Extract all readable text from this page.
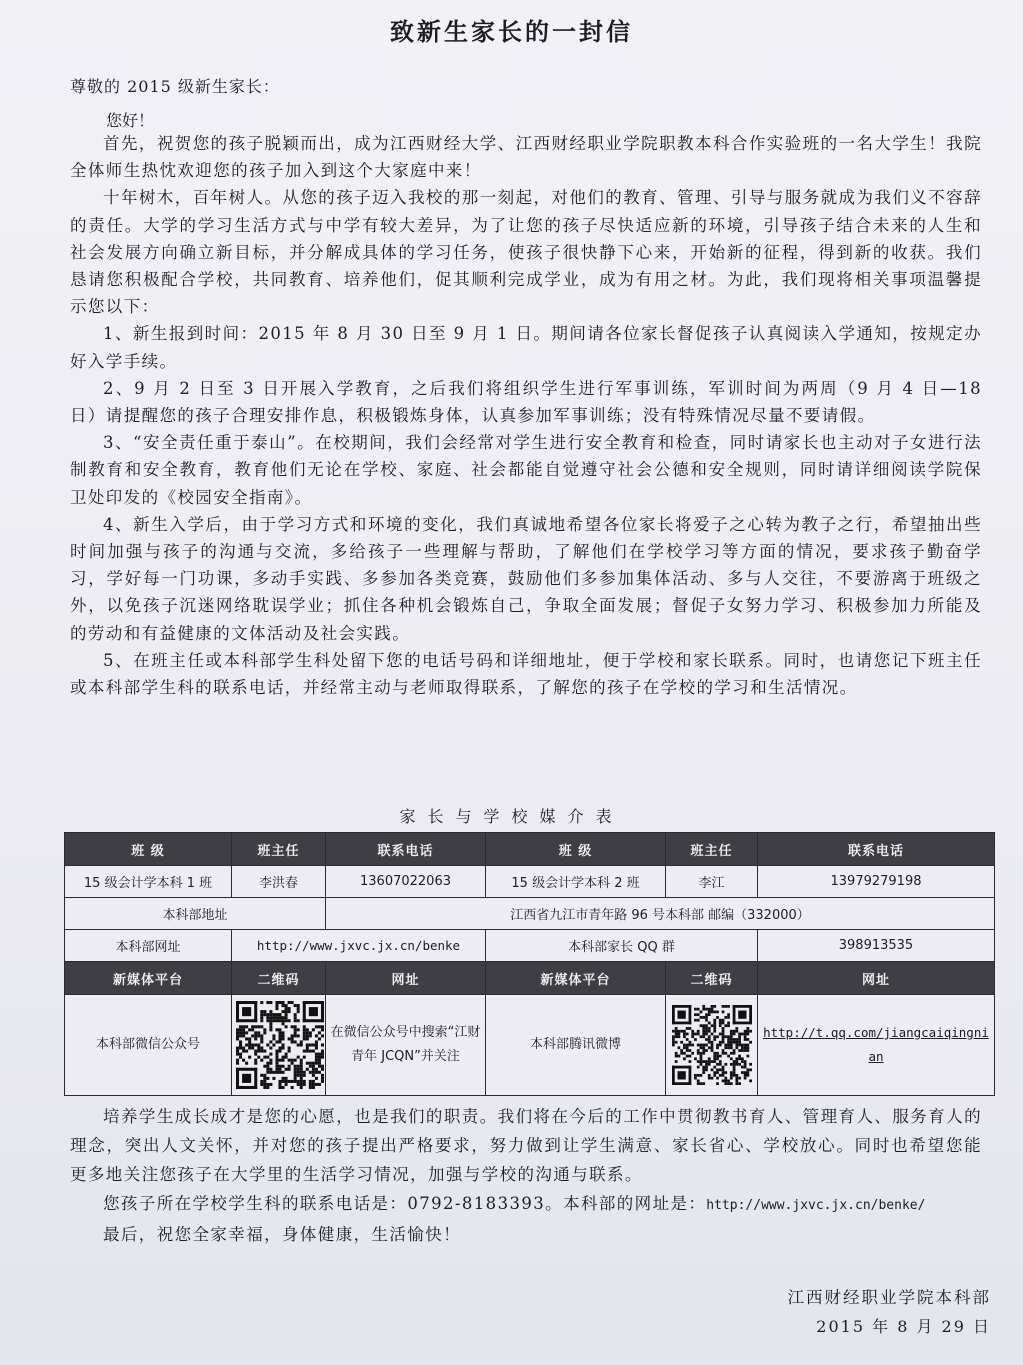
致新生家长的一封信
尊敬的 2015 级新生家长：
您好！

首先，祝贺您的孩子脱颖而出，成为江西财经大学、江西财经职业学院职教本科合作实验班的一名大学生！我院全体师生热忱欢迎您的孩子加入到这个大家庭中来！

十年树木，百年树人。从您的孩子迈入我校的那一刻起，对他们的教育、管理、引导与服务就成为我们义不容辞的责任。大学的学习生活方式与中学有较大差异，为了让您的孩子尽快适应新的环境，引导孩子结合未来的人生和社会发展方向确立新目标，并分解成具体的学习任务，使孩子很快静下心来，开始新的征程，得到新的收获。我们恳请您积极配合学校，共同教育、培养他们，促其顺利完成学业，成为有用之材。为此，我们现将相关事项温馨提示您以下：

1、新生报到时间：2015 年 8 月 30 日至 9 月 1 日。期间请各位家长督促孩子认真阅读入学通知，按规定办好入学手续。

2、9 月 2 日至 3 日开展入学教育，之后我们将组织学生进行军事训练，军训时间为两周（9 月 4 日—18 日）请提醒您的孩子合理安排作息，积极锻炼身体，认真参加军事训练；没有特殊情况尽量不要请假。

3、“安全责任重于泰山”。在校期间，我们会经常对学生进行安全教育和检查，同时请家长也主动对子女进行法制教育和安全教育，教育他们无论在学校、家庭、社会都能自觉遵守社会公德和安全规则，同时请详细阅读学院保卫处印发的《校园安全指南》。

4、新生入学后，由于学习方式和环境的变化，我们真诚地希望各位家长将爱子之心转为教子之行，希望抽出些时间加强与孩子的沟通与交流，多给孩子一些理解与帮助，了解他们在学校学习等方面的情况，要求孩子勤奋学习，学好每一门功课，多动手实践、多参加各类竞赛，鼓励他们多参加集体活动、多与人交往，不要游离于班级之外，以免孩子沉迷网络耽误学业；抓住各种机会锻炼自己，争取全面发展；督促子女努力学习、积极参加力所能及的劳动和有益健康的文体活动及社会实践。

5、在班主任或本科部学生科处留下您的电话号码和详细地址，便于学校和家长联系。同时，也请您记下班主任或本科部学生科的联系电话，并经常主动与老师取得联系，了解您的孩子在学校的学习和生活情况。

家长与学校媒介表
班 级	班主任	联系电话	班 级	班主任	联系电话
15 级会计学本科 1 班	李洪春	13607022063	15 级会计学本科 2 班	李江	13979279198
本科部地址		江西省九江市青年路 96 号本科部 邮编（332000）			
本科部网址	http://www.jxvc.jx.cn/benke		本科部家长 QQ 群		398913535
新媒体平台	二维码	网址	新媒体平台	二维码	网址
本科部微信公众号		在微信公众号中搜索“江财青年 JCQN”并关注	本科部腾讯微博		http://t.qq.com/jiangcaiqingnian

培养学生成长成才是您的心愿，也是我们的职责。我们将在今后的工作中贯彻教书育人、管理育人、服务育人的理念，突出人文关怀，并对您的孩子提出严格要求，努力做到让学生满意、家长省心、学校放心。同时也希望您能更多地关注您孩子在大学里的生活学习情况，加强与学校的沟通与联系。

您孩子所在学校学生科的联系电话是：0792-8183393。本科部的网址是：http://www.jxvc.jx.cn/benke/

最后，祝您全家幸福，身体健康，生活愉快！

江西财经职业学院本科部
2015 年 8 月 29 日
